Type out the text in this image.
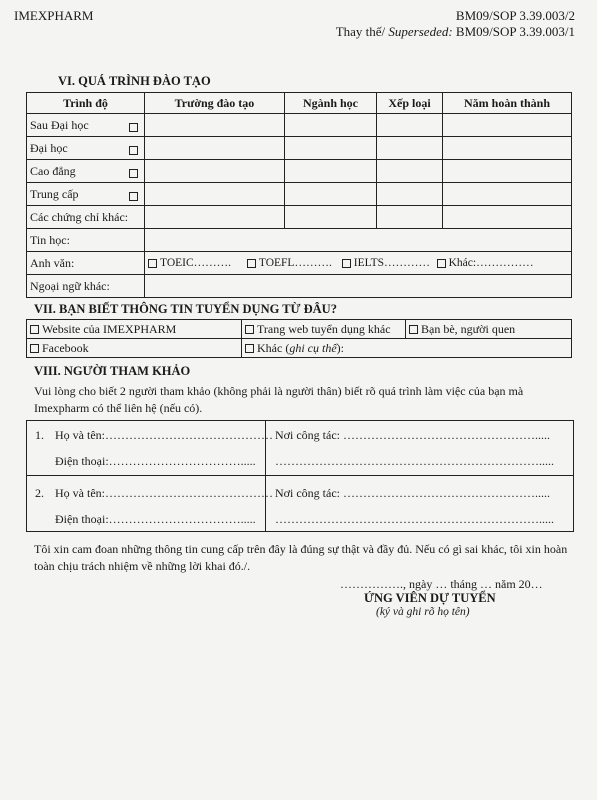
IMEXPHARM	BM09/SOP 3.39.003/2
Thay thế/ Superseded: BM09/SOP 3.39.003/1
VI. QUÁ TRÌNH ĐÀO TẠO
Trình độ	Trường đào tạo	Ngành học	Xếp loại	Năm hoàn thành
Sau Đại học

Đại học

Cao đẳng

Trung cấp

Các chứng chỉ khác:				
Tin học:				
Anh văn:	TOEIC………. TOEFL………. IELTS………… Khác:……………			
Ngoại ngữ khác:				
VII. BẠN BIẾT THÔNG TIN TUYỂN DỤNG TỪ ĐÂU?
Website của IMEXPHARM	Trang web tuyển dụng khác	Bạn bè, người quen
Facebook	Khác (ghi cụ thể):	
VIII. NGƯỜI THAM KHẢO
Vui lòng cho biết 2 người tham khảo (không phải là người thân) biết rõ quá trình làm việc của bạn mà Imexpharm có thể liên hệ (nếu có).
1. Họ và tên:……………………………………
Điện thoại:…………………………….....
Nơi công tác: ………………………………………….....
………………………………………………………….....
2. Họ và tên:……………………………………
Điện thoại:…………………………….....
Nơi công tác: ………………………………………….....
………………………………………………………….....
Tôi xin cam đoan những thông tin cung cấp trên đây là đúng sự thật và đầy đủ. Nếu có gì sai khác, tôi xin hoàn toàn chịu trách nhiệm về những lời khai đó./.
……………., ngày … tháng … năm 20…
ỨNG VIÊN DỰ TUYỂN
(ký và ghi rõ họ tên)
